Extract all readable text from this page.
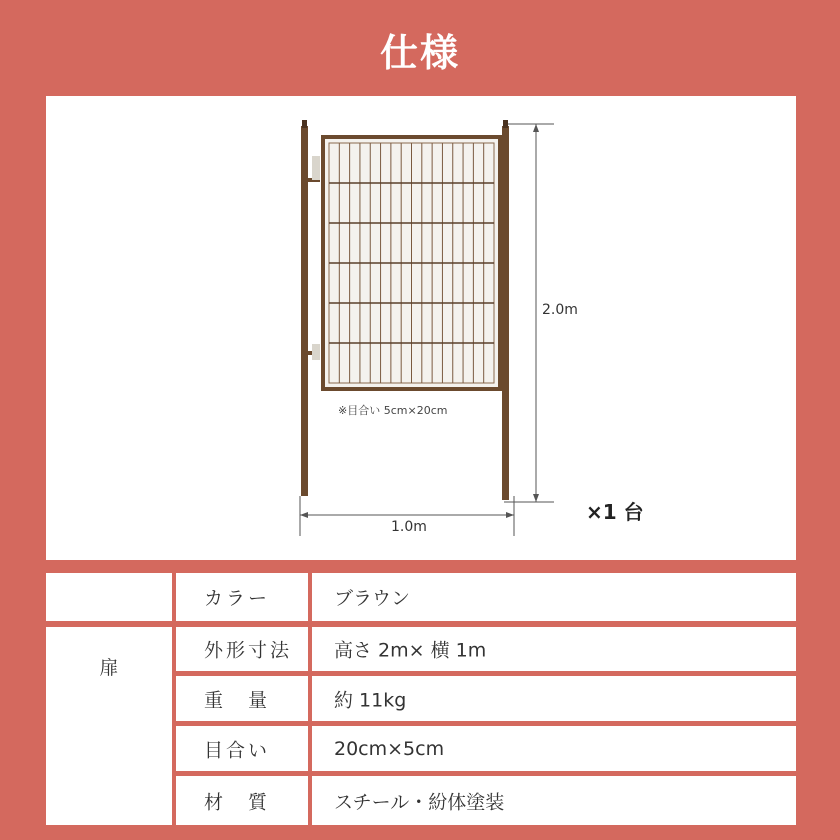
仕様
2.0m
1.0m
※目合い 5cm×20cm
×1 台
扉
カラー	ブラウン
外形寸法 高さ 2m× 横 1m
重　量	約 11kg
目合い	20cm×5cm
材　質	スチール・紛体塗装
